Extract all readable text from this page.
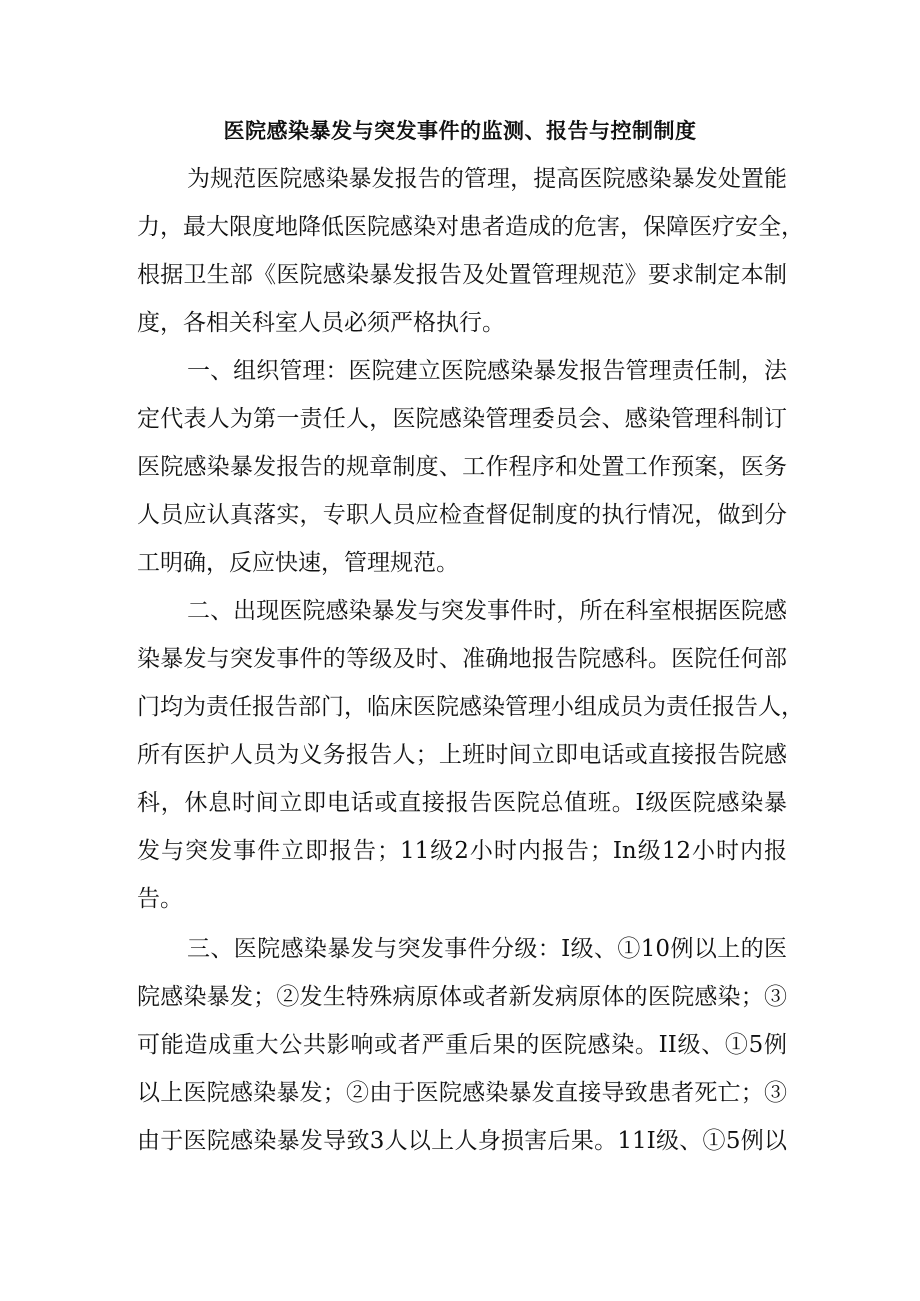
医院感染暴发与突发事件的监测、报告与控制制度

为规范医院感染暴发报告的管理，提高医院感染暴发处置能

力，最大限度地降低医院感染对患者造成的危害，保障医疗安全，

根据卫生部《医院感染暴发报告及处置管理规范》要求制定本制

度，各相关科室人员必须严格执行。

一、组织管理：医院建立医院感染暴发报告管理责任制，法

定代表人为第一责任人，医院感染管理委员会、感染管理科制订

医院感染暴发报告的规章制度、工作程序和处置工作预案，医务

人员应认真落实，专职人员应检查督促制度的执行情况，做到分

工明确，反应快速，管理规范。

二、出现医院感染暴发与突发事件时，所在科室根据医院感

染暴发与突发事件的等级及时、准确地报告院感科。医院任何部

门均为责任报告部门，临床医院感染管理小组成员为责任报告人，

所有医护人员为义务报告人；上班时间立即电话或直接报告院感

科，休息时间立即电话或直接报告医院总值班。I级医院感染暴

发与突发事件立即报告；11级2小时内报告；In级12小时内报

告。

三、医院感染暴发与突发事件分级：I级、①10例以上的医

院感染暴发；②发生特殊病原体或者新发病原体的医院感染；③

可能造成重大公共影响或者严重后果的医院感染。II级、①5例

以上医院感染暴发；②由于医院感染暴发直接导致患者死亡；③

由于医院感染暴发导致3人以上人身损害后果。11I级、①5例以
